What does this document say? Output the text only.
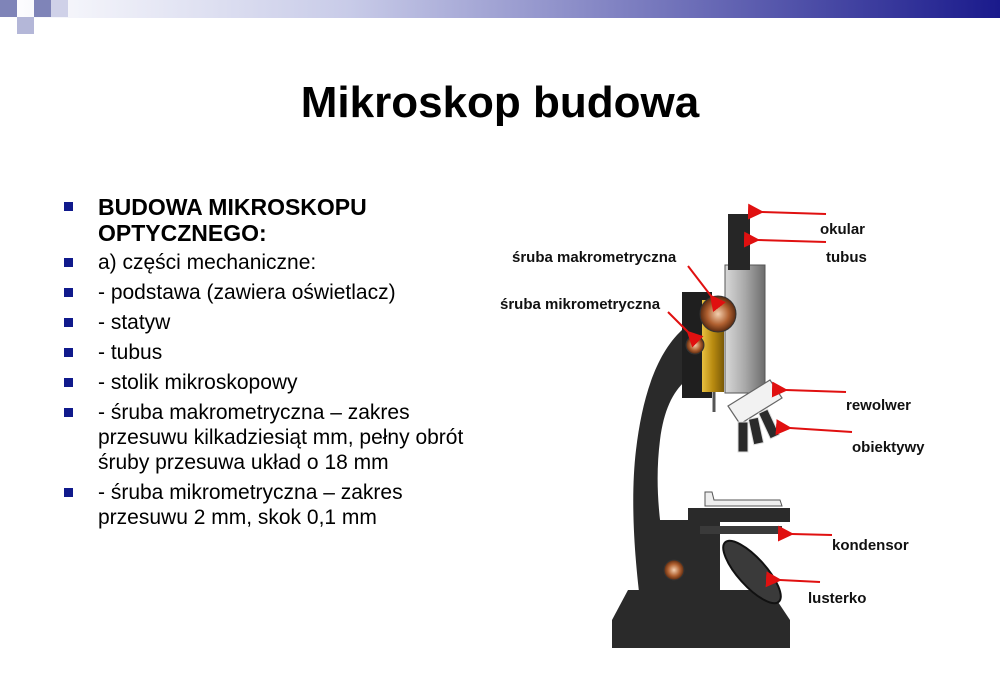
Mikroskop budowa
BUDOWA MIKROSKOPU OPTYCZNEGO:
a) części mechaniczne:
- podstawa (zawiera oświetlacz)
- statyw
- tubus
- stolik mikroskopowy
- śruba makrometryczna – zakres przesuwu kilkadziesiąt mm, pełny obrót śruby przesuwa układ o 18 mm
- śruba mikrometryczna – zakres przesuwu 2 mm, skok 0,1 mm
okular
tubus
śruba makrometryczna
śruba mikrometryczna
rewolwer
obiektywy
kondensor
lusterko
